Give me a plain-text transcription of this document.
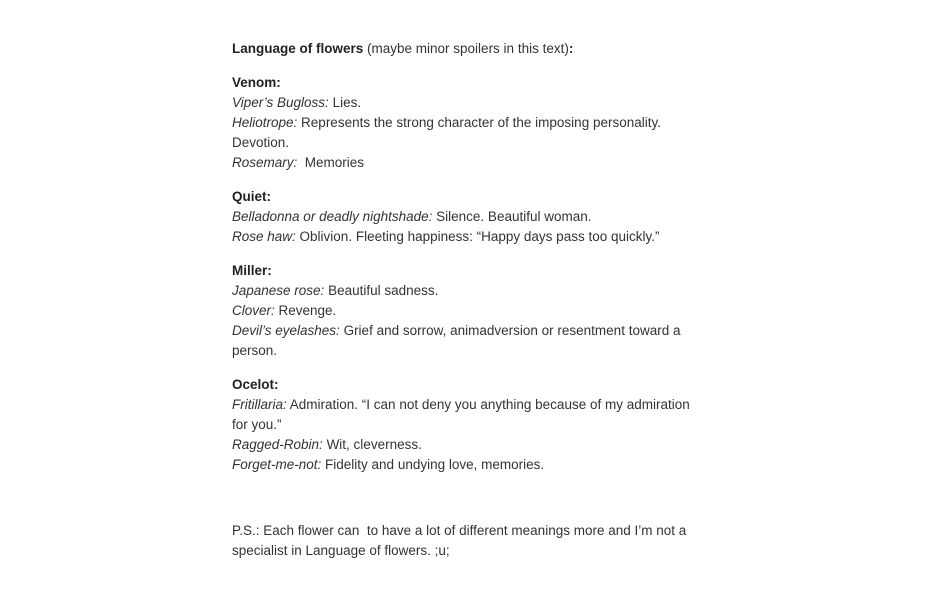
Language of flowers (maybe minor spoilers in this text):

Venom:

Viper’s Bugloss: Lies.

Heliotrope: Represents the strong character of the imposing personality. Devotion.

Rosemary:  Memories

Quiet:

Belladonna or deadly nightshade: Silence. Beautiful woman.

Rose haw: Oblivion. Fleeting happiness: “Happy days pass too quickly.”

Miller:

Japanese rose: Beautiful sadness.

Clover: Revenge.

Devil’s eyelashes: Grief and sorrow, animadversion or resentment toward a person.

Ocelot:

Fritillaria: Admiration. “I can not deny you anything because of my admiration for you.”

Ragged-Robin: Wit, cleverness.

Forget-me-not: Fidelity and undying love, memories.

P.S.: Each flower can  to have a lot of different meanings more and I’m not a specialist in Language of flowers. ;u;
